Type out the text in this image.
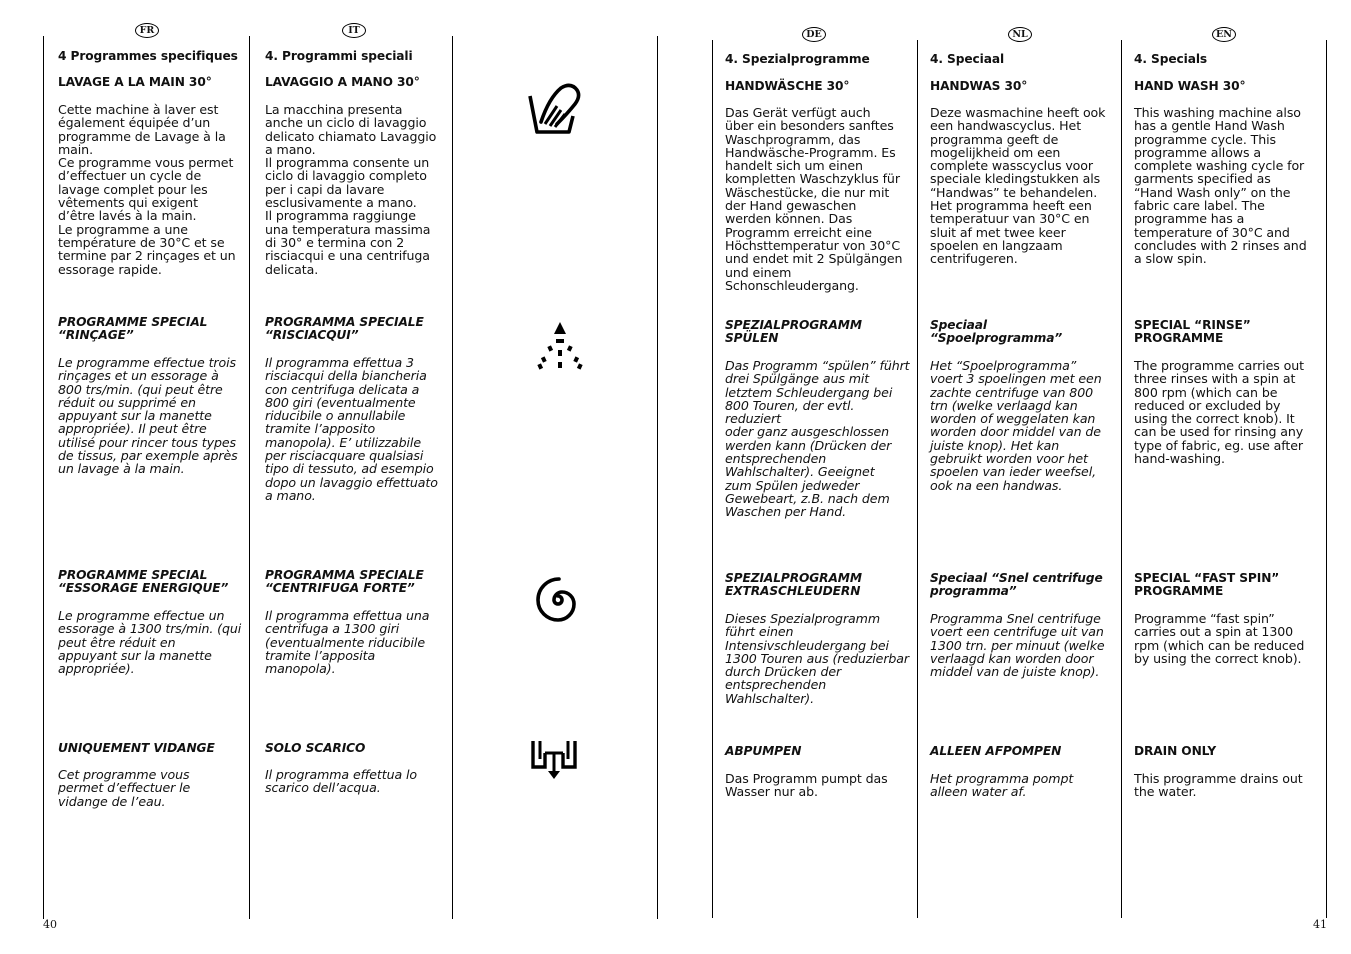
FR	IT	DE	NL	EN
4 Programmes specifiques
LAVAGE A LA MAIN 30°
Cette machine à laver est
également équipée d’un
programme de Lavage à la
main.
Ce programme vous permet
d’effectuer un cycle de
lavage complet pour les
vêtements qui exigent
d’être lavés à la main.
Le programme a une
température de 30°C et se
termine par 2 rinçages et un
essorage rapide.
PROGRAMME SPECIAL
“RINÇAGE”
Le programme effectue trois
rinçages et un essorage à
800 trs/min. (qui peut être
réduit ou supprimé en
appuyant sur la manette
appropriée). Il peut être
utilisé pour rincer tous types
de tissus, par exemple après
un lavage à la main.
PROGRAMME SPECIAL
“ESSORAGE ENERGIQUE”
Le programme effectue un
essorage à 1300 trs/min. (qui
peut être réduit en
appuyant sur la manette
appropriée).
UNIQUEMENT VIDANGE
Cet programme vous
permet d’effectuer le
vidange de l’eau.
4. Programmi speciali
LAVAGGIO A MANO 30°
La macchina presenta
anche un ciclo di lavaggio
delicato chiamato Lavaggio
a mano.
Il programma consente un
ciclo di lavaggio completo
per i capi da lavare
esclusivamente a mano.
Il programma raggiunge
una temperatura massima
di 30° e termina con 2
risciacqui e una centrifuga
delicata.
PROGRAMMA SPECIALE
“RISCIACQUI”
Il programma effettua 3
risciacqui della biancheria
con centrifuga delicata a
800 giri (eventualmente
riducibile o annullabile
tramite l’apposito
manopola). E’ utilizzabile
per risciacquare qualsiasi
tipo di tessuto, ad esempio
dopo un lavaggio effettuato
a mano.
PROGRAMMA SPECIALE
“CENTRIFUGA FORTE”
Il programma effettua una
centrifuga a 1300 giri
(eventualmente riducibile
tramite l’apposita
manopola).
SOLO SCARICO
Il programma effettua lo
scarico dell’acqua.
4. Spezialprogramme
HANDWÄSCHE 30°
Das Gerät verfügt auch
über ein besonders sanftes
Waschprogramm, das
Handwäsche-Programm. Es
handelt sich um einen
kompletten Waschzyklus für
Wäschestücke, die nur mit
der Hand gewaschen
werden können. Das
Programm erreicht eine
Höchsttemperatur von 30°C
und endet mit 2 Spülgängen
und einem
Schonschleudergang.
SPEZIALPROGRAMM SPÜLEN
Das Programm “spülen” führt
drei Spülgänge aus mit
letztem Schleudergang bei
800 Touren, der evtl. reduziert
oder ganz ausgeschlossen
werden kann (Drücken der
entsprechenden
Wahlschalter). Geeignet
zum Spülen jedweder
Gewebeart, z.B. nach dem
Waschen per Hand.
SPEZIALPROGRAMM
EXTRASCHLEUDERN
Dieses Spezialprogramm
führt einen
Intensivschleudergang bei
1300 Touren aus (reduzierbar
durch Drücken der
entsprechenden
Wahlschalter).
ABPUMPEN
Das Programm pumpt das
Wasser nur ab.
4. Speciaal
HANDWAS 30°
Deze wasmachine heeft ook
een handwascyclus. Het
programma geeft de
mogelijkheid om een
complete wasscyclus voor
speciale kledingstukken als
“Handwas” te behandelen.
Het programma heeft een
temperatuur van 30°C en
sluit af met twee keer
spoelen en langzaam
centrifugeren.
Speciaal
“Spoelprogramma”
Het “Spoelprogramma”
voert 3 spoelingen met een
zachte centrifuge van 800
trn (welke verlaagd kan
worden of weggelaten kan
worden door middel van de
juiste knop). Het kan
gebruikt worden voor het
spoelen van ieder weefsel,
ook na een handwas.
Speciaal “Snel centrifuge
programma”
Programma Snel centrifuge
voert een centrifuge uit van
1300 trn. per minuut (welke
verlaagd kan worden door
middel van de juiste knop).
ALLEEN AFPOMPEN
Het programma pompt
alleen water af.
4. Specials
HAND WASH 30°
This washing machine also
has a gentle Hand Wash
programme cycle. This
programme allows a
complete washing cycle for
garments specified as
“Hand Wash only” on the
fabric care label. The
programme has a
temperature of 30°C and
concludes with 2 rinses and
a slow spin.
SPECIAL “RINSE”
PROGRAMME
The programme carries out
three rinses with a spin at
800 rpm (which can be
reduced or excluded by
using the correct knob). It
can be used for rinsing any
type of fabric, eg. use after
hand-washing.
SPECIAL “FAST SPIN”
PROGRAMME
Programme “fast spin”
carries out a spin at 1300
rpm (which can be reduced
by using the correct knob).
DRAIN ONLY
This programme drains out
the water.
40	41
